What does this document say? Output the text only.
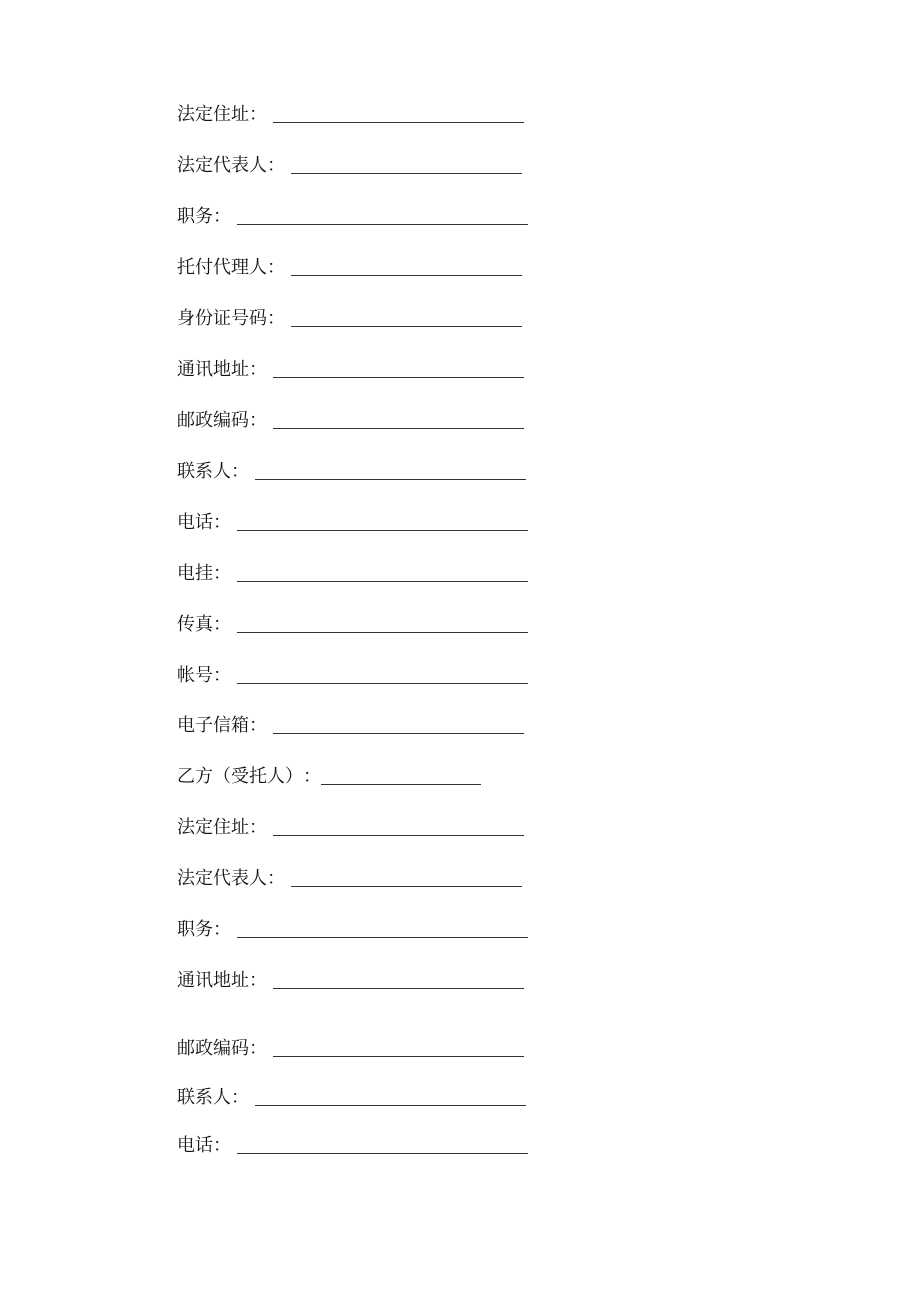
法定住址 ：
法定代表人 ：
职务 ：
托付代理人 ：
身份证号码 ：
通讯地址 ：
邮政编码 ：
联系人 ：
电话 ：
电挂 ：
传真 ：
帐号 ：
电子信箱 ：
乙方（受托人） ：
法定住址 ：
法定代表人 ：
职务 ：
通讯地址 ：
邮政编码 ：
联系人 ：
电话 ：
